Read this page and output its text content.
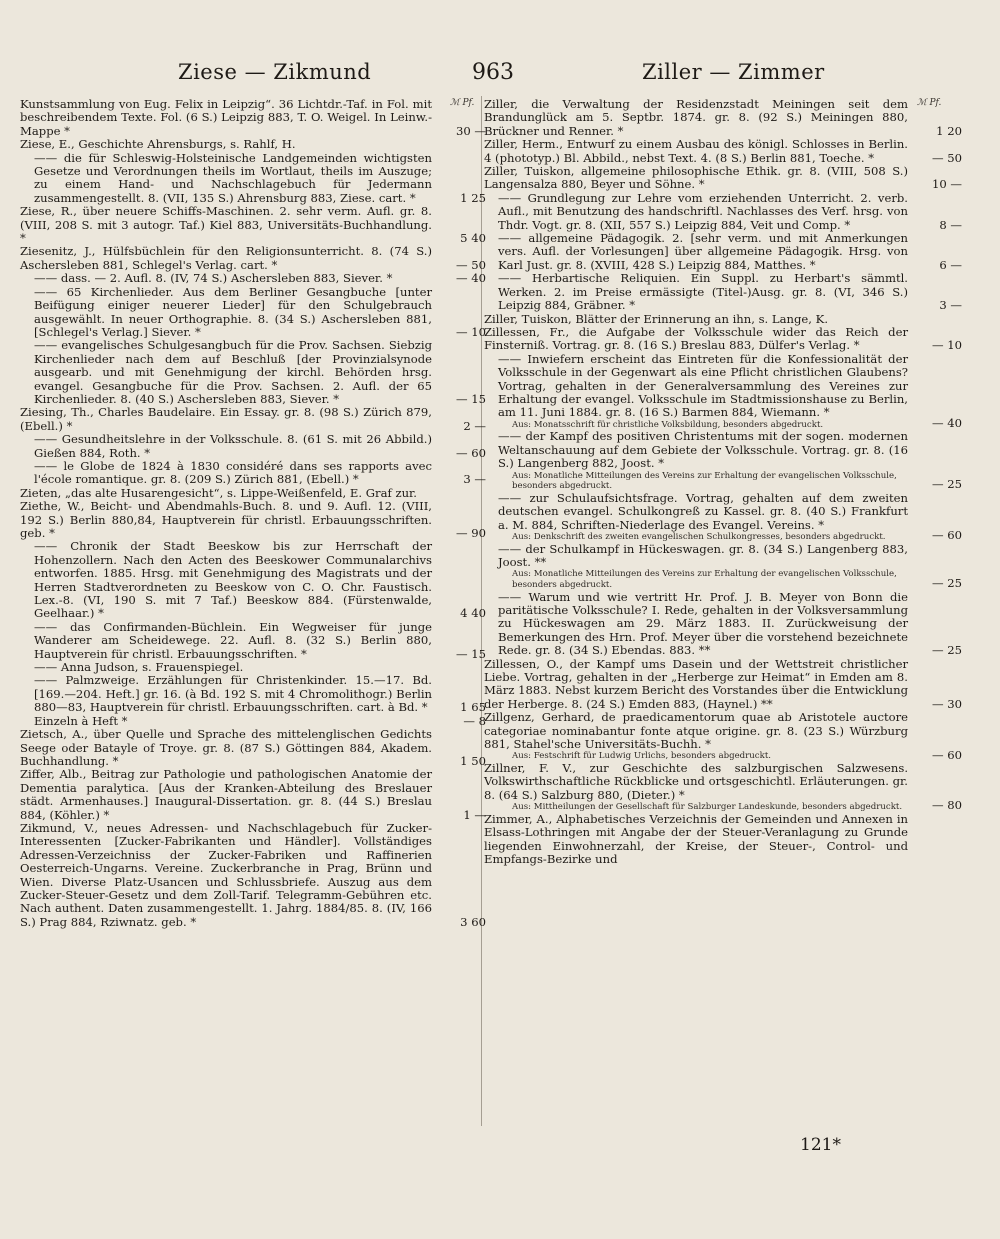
Ziese — Zikmund	963	Ziller — Zimmer
ℳ Pf.

Kunstsammlung von Eug. Felix in Leipzig“. 36 Lichtdr.-Taf. in Fol. mit beschreibendem Texte. Fol. (6 S.) Leipzig 883, T. O. Weigel. In Leinw.-Mappe *	30 —

Ziese, E., Geschichte Ahrensburgs, s. Rahlf, H.

—— die für Schleswig-Holsteinische Landgemeinden wichtigsten Gesetze und Verordnungen theils im Wortlaut, theils im Auszuge; zu einem Hand- und Nachschlagebuch für Jedermann zusammengestellt. 8. (VII, 135 S.) Ahrensburg 883, Ziese. cart. *	1 25

Ziese, R., über neuere Schiffs-Maschinen. 2. sehr verm. Aufl. gr. 8. (VIII, 208 S. mit 3 autogr. Taf.) Kiel 883, Universitäts-Buchhandlung. *	5 40

Ziesenitz, J., Hülfsbüchlein für den Religionsunterricht. 8. (74 S.) Aschersleben 881, Schlegel's Verlag. cart. *	— 50

—— dass. — 2. Aufl. 8. (IV, 74 S.) Aschersleben 883, Siever. *	— 40

—— 65 Kirchenlieder. Aus dem Berliner Gesangbuche [unter Beifügung einiger neuerer Lieder] für den Schulgebrauch ausgewählt. In neuer Orthographie. 8. (34 S.) Aschersleben 881, [Schlegel's Verlag.] Siever. *	— 10

—— evangelisches Schulgesangbuch für die Prov. Sachsen. Siebzig Kirchenlieder nach dem auf Beschluß [der Provinzialsynode ausgearb. und mit Genehmigung der kirchl. Behörden hrsg. evangel. Gesangbuche für die Prov. Sachsen. 2. Aufl. der 65 Kirchenlieder. 8. (40 S.) Aschersleben 883, Siever. *	— 15

Ziesing, Th., Charles Baudelaire. Ein Essay. gr. 8. (98 S.) Zürich 879, (Ebell.) *	2 —

—— Gesundheitslehre in der Volksschule. 8. (61 S. mit 26 Abbild.) Gießen 884, Roth. *	— 60

—— le Globe de 1824 à 1830 considéré dans ses rapports avec l'école romantique. gr. 8. (209 S.) Zürich 881, (Ebell.) *	3 —

Zieten, „das alte Husarengesicht“, s. Lippe-Weißenfeld, E. Graf zur.

Ziethe, W., Beicht- und Abendmahls-Buch. 8. und 9. Aufl. 12. (VIII, 192 S.) Berlin 880,84, Hauptverein für christl. Erbauungsschriften. geb. *	— 90

—— Chronik der Stadt Beeskow bis zur Herrschaft der Hohenzollern. Nach den Acten des Beeskower Communalarchivs entworfen. 1885. Hrsg. mit Genehmigung des Magistrats und der Herren Stadtverordneten zu Beeskow von C. O. Chr. Faustisch. Lex.-8. (VI, 190 S. mit 7 Taf.) Beeskow 884. (Fürstenwalde, Geelhaar.) *	4 40

—— das Confirmanden-Büchlein. Ein Wegweiser für junge Wanderer am Scheidewege. 22. Aufl. 8. (32 S.) Berlin 880, Hauptverein für christl. Erbauungsschriften. *	— 15

—— Anna Judson, s. Frauenspiegel.

—— Palmzweige. Erzählungen für Christenkinder. 15.—17. Bd. [169.—204. Heft.] gr. 16. (à Bd. 192 S. mit 4 Chromolithogr.) Berlin 880—83, Hauptverein für christl. Erbauungsschriften. cart. à Bd. *	1 65

Einzeln à Heft *	— 8

Zietsch, A., über Quelle und Sprache des mittelenglischen Gedichts Seege oder Batayle of Troye. gr. 8. (87 S.) Göttingen 884, Akadem. Buchhandlung. *	1 50

Ziffer, Alb., Beitrag zur Pathologie und pathologischen Anatomie der Dementia paralytica. [Aus der Kranken-Abteilung des Breslauer städt. Armenhauses.] Inaugural-Dissertation. gr. 8. (44 S.) Breslau 884, (Köhler.) *	1 —

Zikmund, V., neues Adressen- und Nachschlagebuch für Zucker-Interessenten [Zucker-Fabrikanten und Händler]. Vollständiges Adressen-Verzeichniss der Zucker-Fabriken und Raffinerien Oesterreich-Ungarns. Vereine. Zuckerbranche in Prag, Brünn und Wien. Diverse Platz-Usancen und Schlussbriefe. Auszug aus dem Zucker-Steuer-Gesetz und dem Zoll-Tarif. Telegramm-Gebühren etc. Nach authent. Daten zusammengestellt. 1. Jahrg. 1884/85. 8. (IV, 166 S.) Prag 884, Rziwnatz. geb. *	3 60
ℳ Pf.

Ziller, die Verwaltung der Residenzstadt Meiningen seit dem Brandunglück am 5. Septbr. 1874. gr. 8. (92 S.) Meiningen 880, Brückner und Renner. *	1 20

Ziller, Herm., Entwurf zu einem Ausbau des königl. Schlosses in Berlin. 4 (phototyp.) Bl. Abbild., nebst Text. 4. (8 S.) Berlin 881, Toeche. *	— 50

Ziller, Tuiskon, allgemeine philosophische Ethik. gr. 8. (VIII, 508 S.) Langensalza 880, Beyer und Söhne. *	10 —

—— Grundlegung zur Lehre vom erziehenden Unterricht. 2. verb. Aufl., mit Benutzung des handschriftl. Nachlasses des Verf. hrsg. von Thdr. Vogt. gr. 8. (XII, 557 S.) Leipzig 884, Veit und Comp. *	8 —

—— allgemeine Pädagogik. 2. [sehr verm. und mit Anmerkungen vers. Aufl. der Vorlesungen] über allgemeine Pädagogik. Hrsg. von Karl Just. gr. 8. (XVIII, 428 S.) Leipzig 884, Matthes. *	6 —

—— Herbartische Reliquien. Ein Suppl. zu Herbart's sämmtl. Werken. 2. im Preise ermässigte (Titel-)Ausg. gr. 8. (VI, 346 S.) Leipzig 884, Gräbner. *	3 —

Ziller, Tuiskon, Blätter der Erinnerung an ihn, s. Lange, K.

Zillessen, Fr., die Aufgabe der Volksschule wider das Reich der Finsterniß. Vortrag. gr. 8. (16 S.) Breslau 883, Dülfer's Verlag. *	— 10

—— Inwiefern erscheint das Eintreten für die Konfessionalität der Volksschule in der Gegenwart als eine Pflicht christlichen Glaubens? Vortrag, gehalten in der Generalversammlung des Vereines zur Erhaltung der evangel. Volksschule im Stadtmissionshause zu Berlin, am 11. Juni 1884. gr. 8. (16 S.) Barmen 884, Wiemann. *

Aus: Monatsschrift für christliche Volksbildung, besonders abgedruckt.	— 40

—— der Kampf des positiven Christentums mit der sogen. modernen Weltanschauung auf dem Gebiete der Volksschule. Vortrag. gr. 8. (16 S.) Langenberg 882, Joost. *

Aus: Monatliche Mitteilungen des Vereins zur Erhaltung der evangelischen Volksschule, besonders abgedruckt.	— 25

—— zur Schulaufsichtsfrage. Vortrag, gehalten auf dem zweiten deutschen evangel. Schulkongreß zu Kassel. gr. 8. (40 S.) Frankfurt a. M. 884, Schriften-Niederlage des Evangel. Vereins. *

Aus: Denkschrift des zweiten evangelischen Schulkongresses, besonders abgedruckt.	— 60

—— der Schulkampf in Hückeswagen. gr. 8. (34 S.) Langenberg 883, Joost. **

Aus: Monatliche Mitteilungen des Vereins zur Erhaltung der evangelischen Volksschule, besonders abgedruckt.	— 25

—— Warum und wie vertritt Hr. Prof. J. B. Meyer von Bonn die paritätische Volksschule? I. Rede, gehalten in der Volksversammlung zu Hückeswagen am 29. März 1883. II. Zurückweisung der Bemerkungen des Hrn. Prof. Meyer über die vorstehend bezeichnete Rede. gr. 8. (34 S.) Ebendas. 883. **	— 25

Zillessen, O., der Kampf ums Dasein und der Wettstreit christlicher Liebe. Vortrag, gehalten in der „Herberge zur Heimat“ in Emden am 8. März 1883. Nebst kurzem Bericht des Vorstandes über die Entwicklung der Herberge. 8. (24 S.) Emden 883, (Haynel.) **	— 30

Zillgenz, Gerhard, de praedicamentorum quae ab Aristotele auctore categoriae nominabantur fonte atque origine. gr. 8. (23 S.) Würzburg 881, Stahel'sche Universitäts-Buchh. *

Aus: Festschrift für Ludwig Urlichs, besonders abgedruckt.	— 60

Zillner, F. V., zur Geschichte des salzburgischen Salzwesens. Volkswirthschaftliche Rückblicke und ortsgeschichtl. Erläuterungen. gr. 8. (64 S.) Salzburg 880, (Dieter.) *

Aus: Mittheilungen der Gesellschaft für Salzburger Landeskunde, besonders abgedruckt.	— 80

Zimmer, A., Alphabetisches Verzeichnis der Gemeinden und Annexen in Elsass-Lothringen mit Angabe der der Steuer-Veranlagung zu Grunde liegenden Einwohnerzahl, der Kreise, der Steuer-, Control- und Empfangs-Bezirke und

121*
